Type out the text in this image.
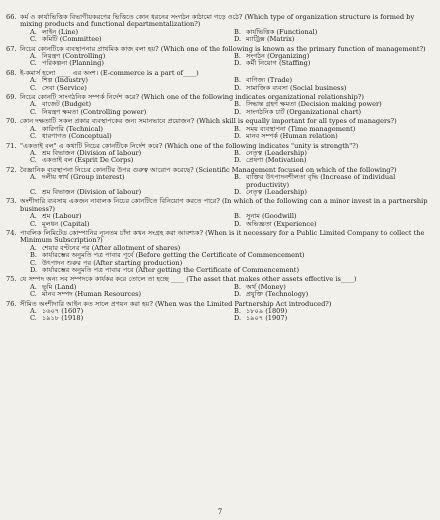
66. কর্ম ও কার্যাভিত্তিক বিভাগীয়করণের ভিত্তিতে কোন ধরনের সংগঠন কাঠামো গড়ে ওঠে? (Which type of organization structure is formed by mixing products and functional departmentalization?)
A. লাইন (Line)	B. কার্যভিত্তিক (Functional)
C. কমিটি (Committee)	D. ম্যাট্রিক্স (Matrix)
67. নিচের কোনটিকে ব্যবস্থাপনার প্রাথমিক কাজ বলা হয়? (Which one of the following is known as the primary function of management?)
A. নিয়ন্ত্রণ (Controlling)	B. সংগঠন (Organizing)
C. পরিকল্পনা (Planning)	D. কর্মী নিয়োগ (Staffing)
68. ই-কমার্স হলো ____ এর অংশ। (E-commerce is a part of____)
A. শিল্প (Industry)	B. বাণিজ্য (Trade)
C. সেবা (Service)	D. সামাজিক ব্যবসা (Social business)
69. নিচের কোনটি সাংগঠনিক সম্পর্ক নির্দেশ করে? (Which one of the following indicates organizational relationship?)
A. বাজেট (Budget)	B. সিদ্ধান্ত গ্রহণ ক্ষমতা (Decision making power)
C. নিয়ন্ত্রণ ক্ষমতা (Controlling power)	D. সাংগঠনিক চার্ট (Organizational chart)
70. কোন দক্ষতাটি সকল প্রকার ব্যবস্থাপকের জন্য সমানভাবে প্রয়োজন? (Which skill is equally important for all types of managers?)
A. কারিগরি (Technical)	B. সময় ব্যবস্থাপনা (Time management)
C. ধারণাগত (Conceptual)	D. মানব সম্পর্ক (Human relation)
71. "একতাই বল" এ কথাটি নিচের কোনটিকে নির্দেশ করে? (Which one of the following indicates "unity is strength"?)
A. শ্রম বিভাজন (Division of labour)	B. নেতৃত্ব (Leadership)
C. একতাই বল (Esprit De Corps)	D. প্রেষণা (Motivation)
72. বৈজ্ঞানিক ব্যবস্থাপনা নিচের কোনটির উপর গুরুত্ব আরোপ করেছে? (Scientific Management focused on which of the following?)
A. দলীয় স্বার্থ (Group interest)	B. ব্যক্তির উৎপাদনশীলতা বৃদ্ধি (Increase of individual productivity)
C. শ্রম বিভাজন (Division of labour)	D. নেতৃত্ব (Leadership)
73. অংশীদারি ব্যবসায় একজন নাবালক নিচের কোনটিতে বিনিয়োগ করতে পারে? (In which of the following can a minor invest in a partnership business?)
A. শ্রম (Labour)	B. সুনাম (Goodwill)
C. মূলধন (Capital)	D. অভিজ্ঞতা (Experience)
74. পাবলিক লিমিটেড কোম্পানির ন্যূনতম চাঁদা কখন সংগ্রহ করা আবশ্যক? (When is it necessary for a Public Limited Company to collect the Minimum Subscription?)
A. শেয়ার বণ্টনের পর (After allotment of shares)
B. কার্যারম্ভের অনুমতি পত্র পাবার পূর্বে (Before getting the Certificate of Commencement)
C. উৎপাদন শুরুর পর (After starting production)
D. কার্যারম্ভের অনুমতি পত্র পাবার পরে (After getting the Certificate of Commencement)
75. যে সম্পদ অন্য সব সম্পদকে কার্যকর করে তোলে তা হচ্ছে ____ (The asset that makes other assets effective is____)
A. ভূমি (Land)	B. অর্থ (Money)
C. মানব সম্পদ (Human Resources)	D. প্রযুক্তি (Technology)
76. সীমিত অংশীদারি আইন কত সালে প্রণয়ন করা হয়? (When was the Limited Partnership Act introduced?)
A. ১৬০৭ (1607)	B. ১৮০৯ (1809)
C. ১৯১৮ (1918)	D. ১৯০৭ (1907)
7
